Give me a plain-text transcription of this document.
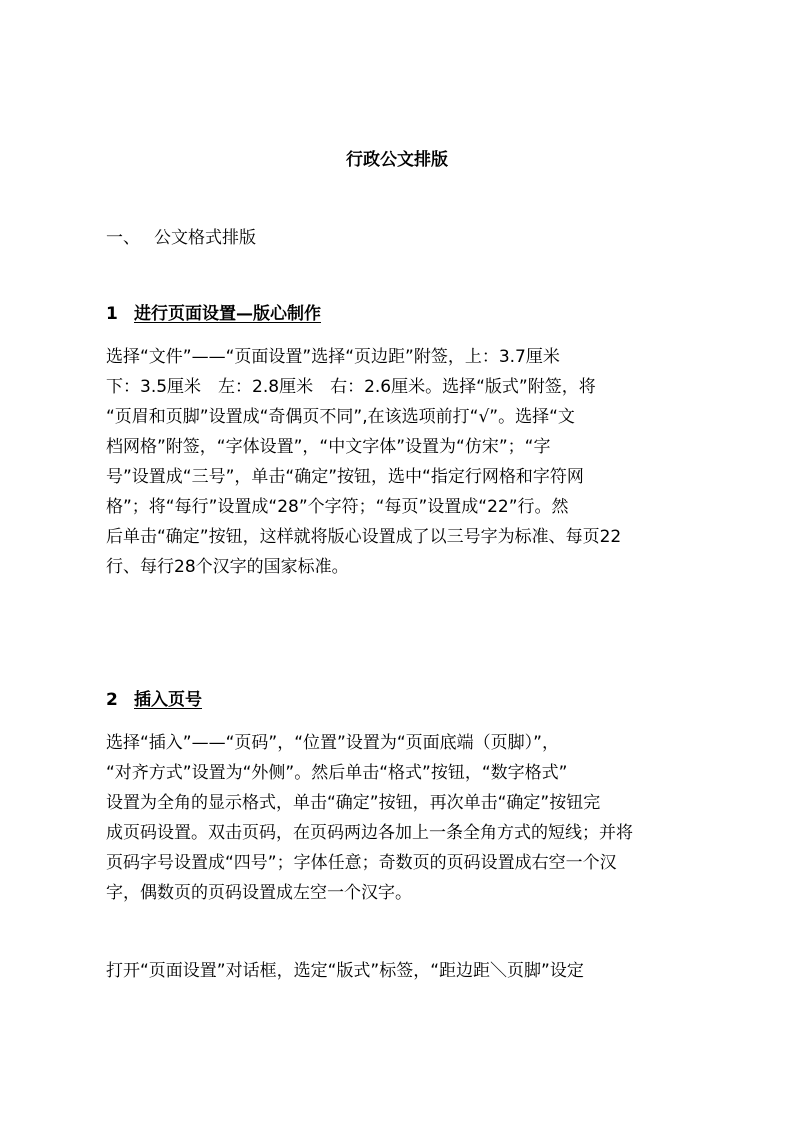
行政公文排版
一、 公文格式排版
1 进行页面设置—版心制作
选择“文件”——“页面设置”选择“页边距”附签，上：3.7厘米
下：3.5厘米　左：2.8厘米　右：2.6厘米。选择“版式”附签，将
“页眉和页脚”设置成“奇偶页不同”,在该选项前打“√”。选择“文
档网格”附签，“字体设置”，“中文字体”设置为“仿宋”；“字
号”设置成“三号”，单击“确定”按钮，选中“指定行网格和字符网
格”；将“每行”设置成“28”个字符；“每页”设置成“22”行。然
后单击“确定”按钮，这样就将版心设置成了以三号字为标准、每页22
行、每行28个汉字的国家标准。
2 插入页号
选择“插入”——“页码”，“位置”设置为“页面底端（页脚）”，
“对齐方式”设置为“外侧”。然后单击“格式”按钮，“数字格式”
设置为全角的显示格式，单击“确定”按钮，再次单击“确定”按钮完
成页码设置。双击页码，在页码两边各加上一条全角方式的短线；并将
页码字号设置成“四号”；字体任意；奇数页的页码设置成右空一个汉
字，偶数页的页码设置成左空一个汉字。
打开“页面设置”对话框，选定“版式”标签，“距边距＼页脚”设定
